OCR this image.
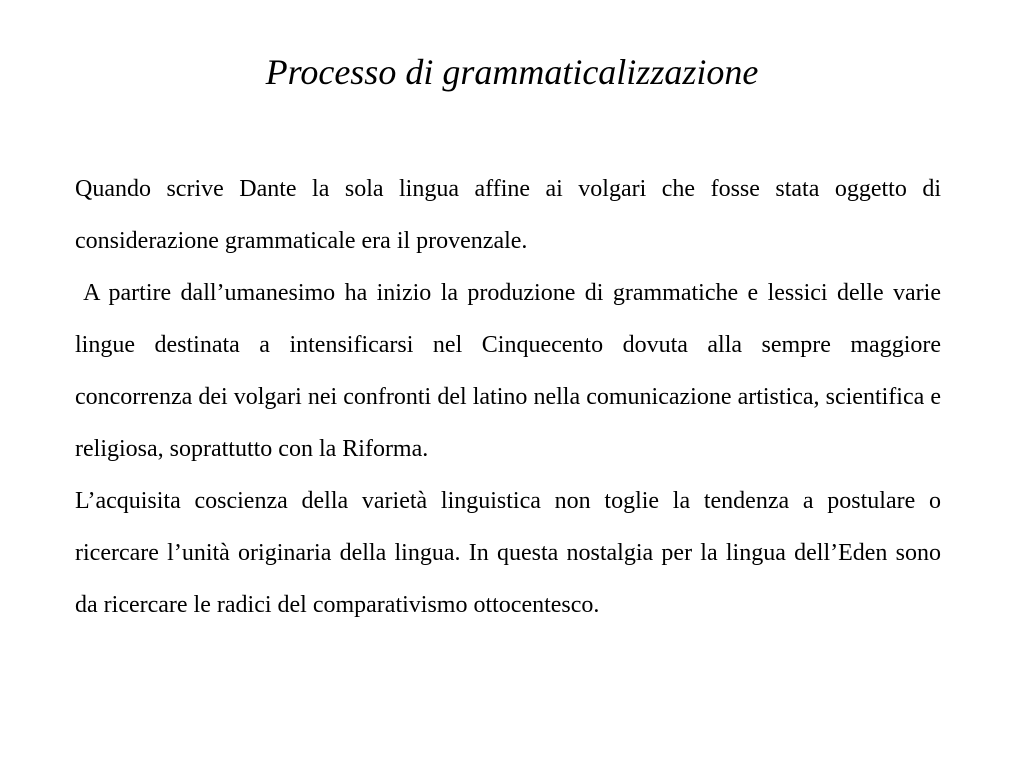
Processo di grammaticalizzazione

Quando scrive Dante la sola lingua affine ai volgari che fosse stata oggetto di considerazione grammaticale era il provenzale.

A partire dall’umanesimo ha inizio la produzione di grammatiche e lessici delle varie lingue destinata a intensificarsi nel Cinquecento dovuta alla sempre maggiore concorrenza dei volgari nei confronti del latino nella comunicazione artistica, scientifica e religiosa, soprattutto con la Riforma.

L’acquisita coscienza della varietà linguistica non toglie la tendenza a postulare o ricercare l’unità originaria della lingua. In questa nostalgia per la lingua dell’Eden sono da ricercare le radici del comparativismo ottocentesco.
